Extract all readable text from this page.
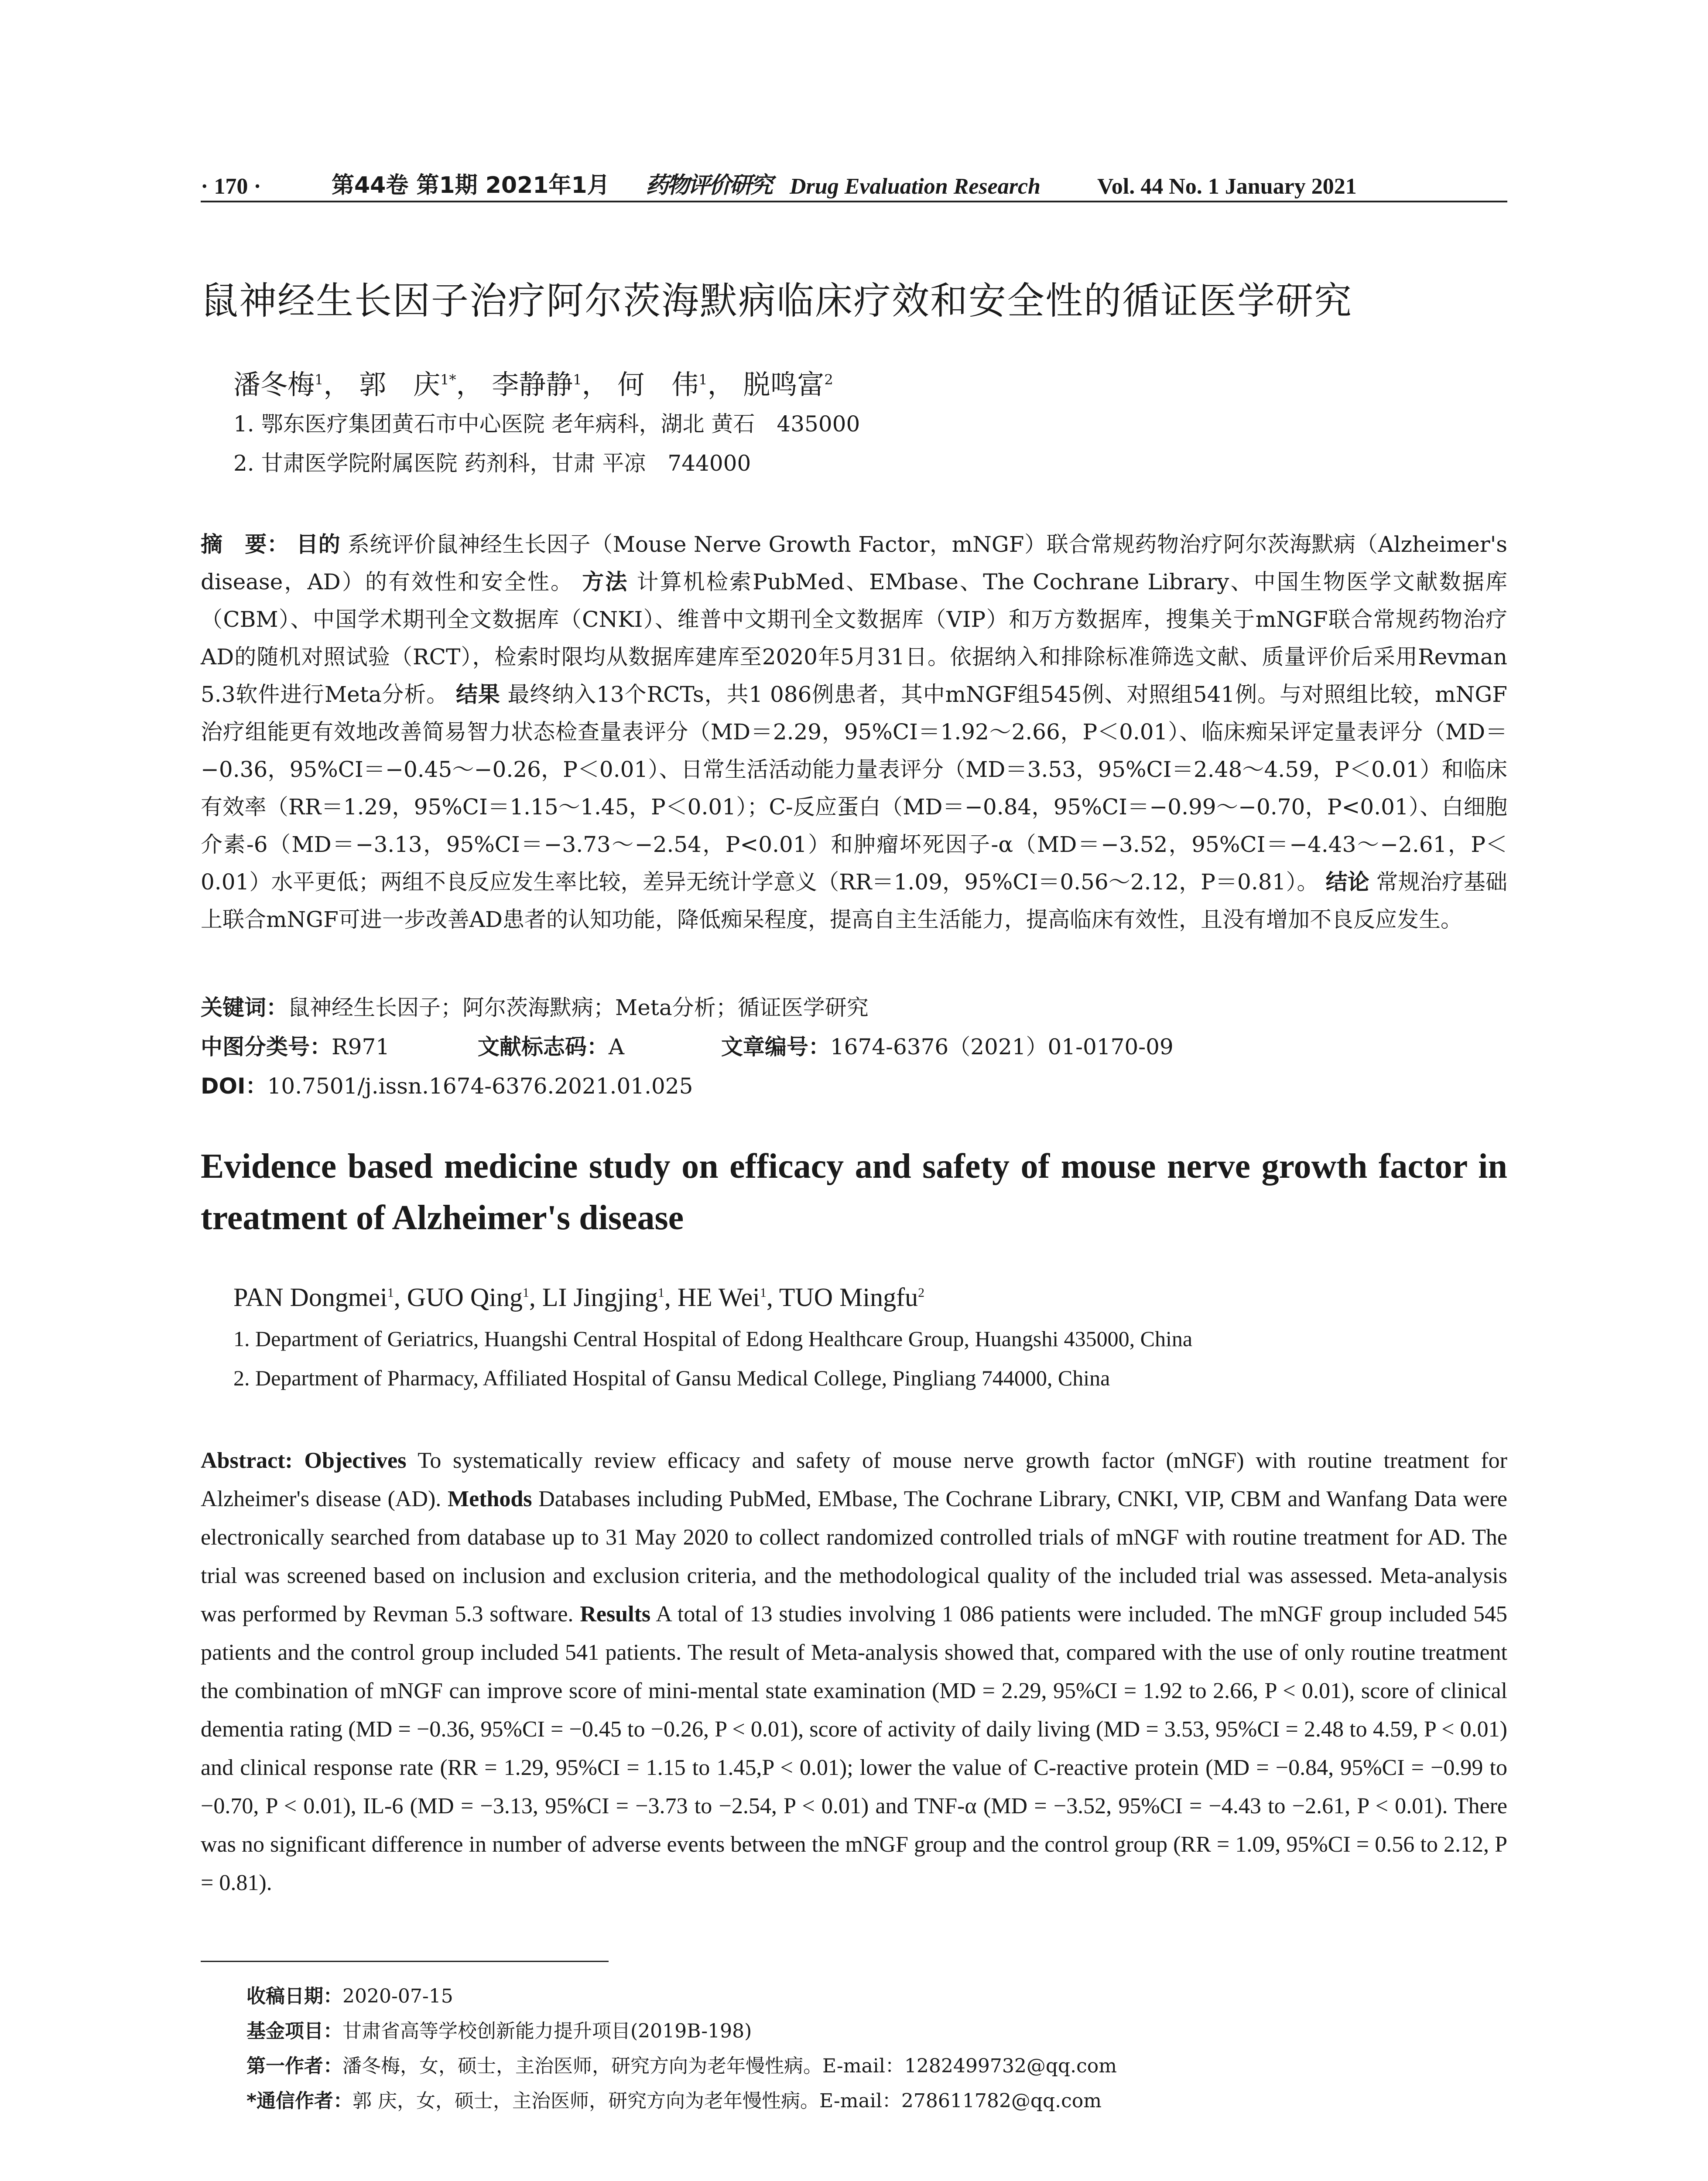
· 170 ·	第44卷 第1期 2021年1月 药物评价研究 Drug Evaluation Research	Vol. 44 No. 1 January 2021
鼠神经生长因子治疗阿尔茨海默病临床疗效和安全性的循证医学研究
潘冬梅$^1$， 郭　庆$^{1*}$， 李静静$^1$， 何　伟$^1$， 脱鸣富$^2$
1. 鄂东医疗集团黄石市中心医院 老年病科，湖北 黄石　435000
2. 甘肃医学院附属医院 药剂科，甘肃 平凉　744000
摘　要： 目的 系统评价鼠神经生长因子（Mouse Nerve Growth Factor，mNGF）联合常规药物治疗阿尔茨海默病（Alzheimer's disease，AD）的有效性和安全性。 方法 计算机检索PubMed、EMbase、The Cochrane Library、中国生物医学文献数据库（CBM）、中国学术期刊全文数据库（CNKI）、维普中文期刊全文数据库（VIP）和万方数据库，搜集关于mNGF联合常规药物治疗AD的随机对照试验（RCT），检索时限均从数据库建库至2020年5月31日。依据纳入和排除标准筛选文献、质量评价后采用Revman 5.3软件进行Meta分析。 结果 最终纳入13个RCTs，共1 086例患者，其中mNGF组545例、对照组541例。与对照组比较，mNGF治疗组能更有效地改善简易智力状态检查量表评分（MD＝2.29，95%CI＝1.92～2.66，P＜0.01）、临床痴呆评定量表评分（MD＝−0.36，95%CI＝−0.45～−0.26，P＜0.01）、日常生活活动能力量表评分（MD＝3.53，95%CI＝2.48～4.59，P＜0.01）和临床有效率（RR＝1.29，95%CI＝1.15～1.45，P＜0.01）；C-反应蛋白（MD＝−0.84，95%CI＝−0.99～−0.70，P<0.01）、白细胞介素-6（MD＝−3.13，95%CI＝−3.73～−2.54，P<0.01）和肿瘤坏死因子-α（MD＝−3.52，95%CI＝−4.43～−2.61，P＜0.01）水平更低；两组不良反应发生率比较，差异无统计学意义（RR＝1.09，95%CI＝0.56～2.12，P＝0.81）。 结论 常规治疗基础上联合mNGF可进一步改善AD患者的认知功能，降低痴呆程度，提高自主生活能力，提高临床有效性，且没有增加不良反应发生。
关键词：鼠神经生长因子；阿尔茨海默病；Meta分析；循证医学研究
中图分类号：R971	文献标志码：A	文章编号：1674-6376（2021）01-0170-09
DOI：10.7501/j.issn.1674-6376.2021.01.025
Evidence based medicine study on efficacy and safety of mouse nerve growth factor in treatment of Alzheimer's disease
PAN Dongmei$^1$, GUO Qing$^1$, LI Jingjing$^1$, HE Wei$^1$, TUO Mingfu$^2$
1. Department of Geriatrics, Huangshi Central Hospital of Edong Healthcare Group, Huangshi 435000, China
2. Department of Pharmacy, Affiliated Hospital of Gansu Medical College, Pingliang 744000, China
Abstract: Objectives To systematically review efficacy and safety of mouse nerve growth factor (mNGF) with routine treatment for Alzheimer's disease (AD). Methods Databases including PubMed, EMbase, The Cochrane Library, CNKI, VIP, CBM and Wanfang Data were electronically searched from database up to 31 May 2020 to collect randomized controlled trials of mNGF with routine treatment for AD. The trial was screened based on inclusion and exclusion criteria, and the methodological quality of the included trial was assessed. Meta-analysis was performed by Revman 5.3 software. Results A total of 13 studies involving 1 086 patients were included. The mNGF group included 545 patients and the control group included 541 patients. The result of Meta-analysis showed that, compared with the use of only routine treatment the combination of mNGF can improve score of mini-mental state examination (MD = 2.29, 95%CI = 1.92 to 2.66, P < 0.01), score of clinical dementia rating (MD = −0.36, 95%CI = −0.45 to −0.26, P < 0.01), score of activity of daily living (MD = 3.53, 95%CI = 2.48 to 4.59, P < 0.01) and clinical response rate (RR = 1.29, 95%CI = 1.15 to 1.45,P < 0.01); lower the value of C-reactive protein (MD = −0.84, 95%CI = −0.99 to −0.70, P < 0.01), IL-6 (MD = −3.13, 95%CI = −3.73 to −2.54, P < 0.01) and TNF-α (MD = −3.52, 95%CI = −4.43 to −2.61, P < 0.01). There was no significant difference in number of adverse events between the mNGF group and the control group (RR = 1.09, 95%CI = 0.56 to 2.12, P = 0.81).
收稿日期：2020-07-15
基金项目：甘肃省高等学校创新能力提升项目(2019B-198)
第一作者：潘冬梅，女，硕士，主治医师，研究方向为老年慢性病。E-mail：1282499732@qq.com
*通信作者：郭 庆，女，硕士，主治医师，研究方向为老年慢性病。E-mail：278611782@qq.com
